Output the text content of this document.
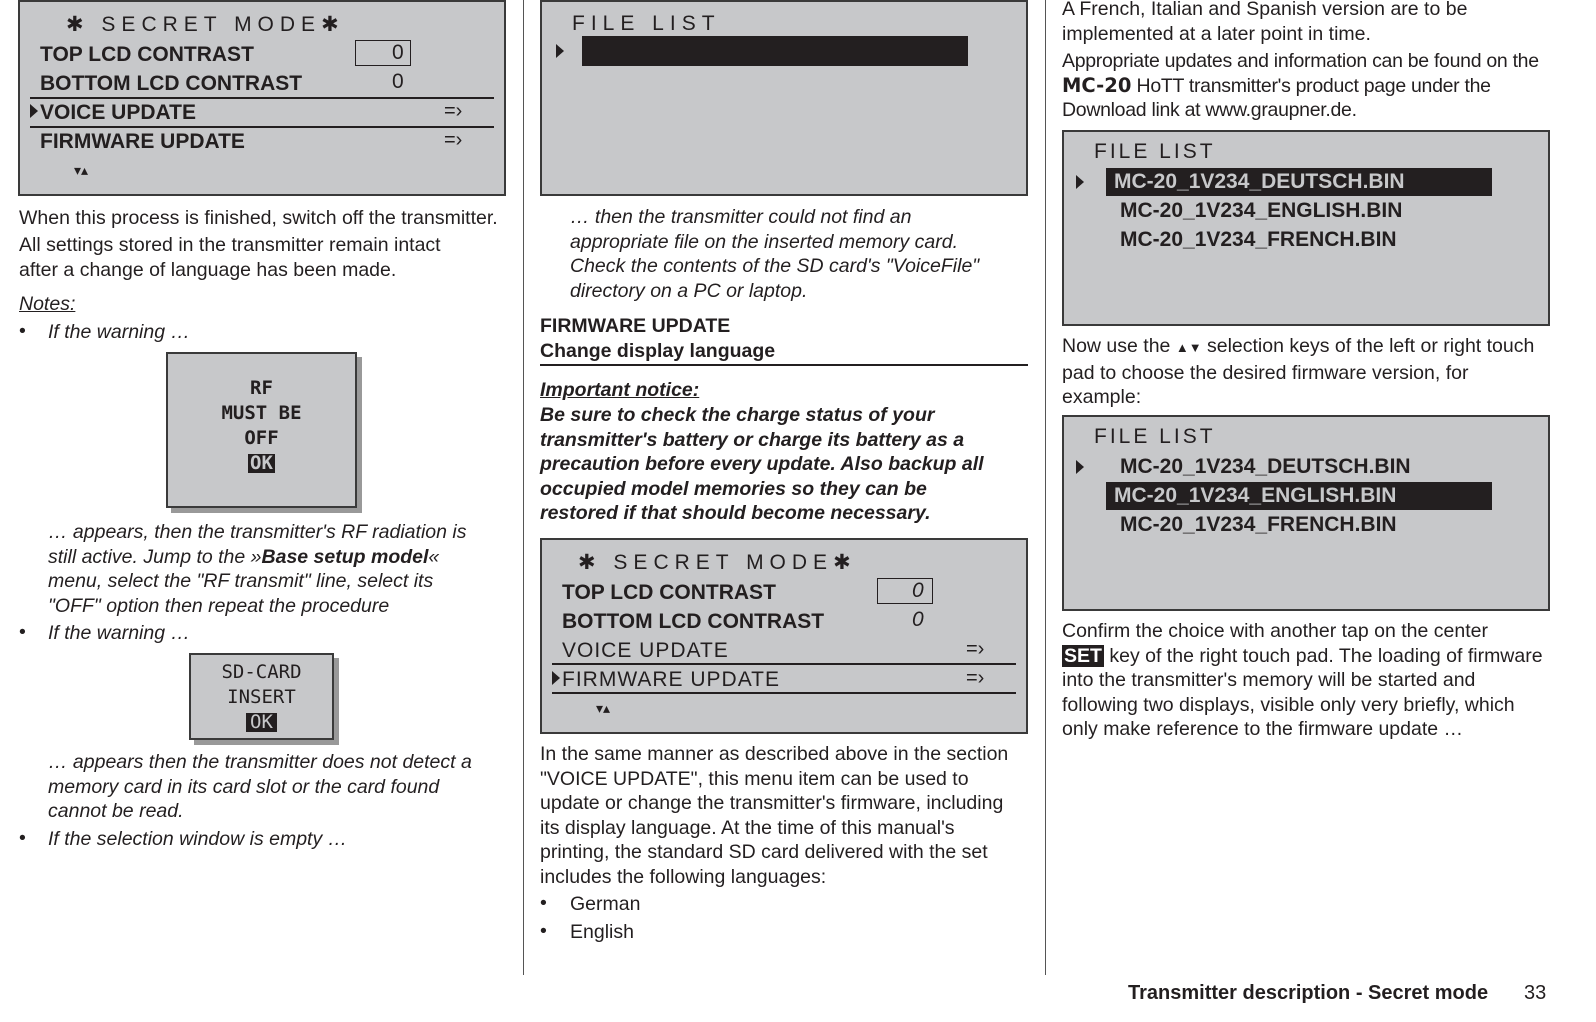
✱ SECRET MODE✱
TOP LCD CONTRAST	0
BOTTOM LCD CONTRAST	0
VOICE UPDATE	=›
FIRMWARE UPDATE	=›
▾▴
When this process is finished, switch off the transmitter.
All settings stored in the transmitter remain intact after a change of language has been made.
Notes:
• If the warning …
RF
MUST BE
OFF
OK
… appears, then the transmitter's RF radiation is still active. Jump to the »Base setup model« menu, select the "RF transmit" line, select its "OFF" option then repeat the procedure
• If the warning …
SD-CARD
INSERT
OK
… appears then the transmitter does not detect a memory card in its card slot or the card found cannot be read.
• If the selection window is empty …
FILE LIST
… then the transmitter could not find an appropriate file on the inserted memory card. Check the contents of the SD card's "VoiceFile" directory on a PC or laptop.
FIRMWARE UPDATE
Change display language
Important notice:
Be sure to check the charge status of your transmitter's battery or charge its battery as a precaution before every update. Also backup all occupied model memories so they can be restored if that should become necessary.
✱ SECRET MODE✱
TOP LCD CONTRAST	0
BOTTOM LCD CONTRAST	0
VOICE UPDATE	=›
FIRMWARE UPDATE	=›
▾▴
In the same manner as described above in the section "VOICE UPDATE", this menu item can be used to update or change the transmitter's firmware, including its display language. At the time of this manual's printing, the standard SD card delivered with the set includes the following languages:
• German
• English
A French, Italian and Spanish version are to be implemented at a later point in time.
Appropriate updates and information can be found on the MC-20 HoTT transmitter's product page under the Download link at www.graupner.de.
FILE LIST
MC-20_1V234_DEUTSCH.BIN
MC-20_1V234_ENGLISH.BIN
MC-20_1V234_FRENCH.BIN
Now use the ▲▼ selection keys of the left or right touch pad to choose the desired firmware version, for example:
FILE LIST
MC-20_1V234_DEUTSCH.BIN
MC-20_1V234_ENGLISH.BIN
MC-20_1V234_FRENCH.BIN
Confirm the choice with another tap on the center
SET key of the right touch pad. The loading of firmware into the transmitter's memory will be started and following two displays, visible only very briefly, which only make reference to the firmware update …
Transmitter description - Secret mode 33
